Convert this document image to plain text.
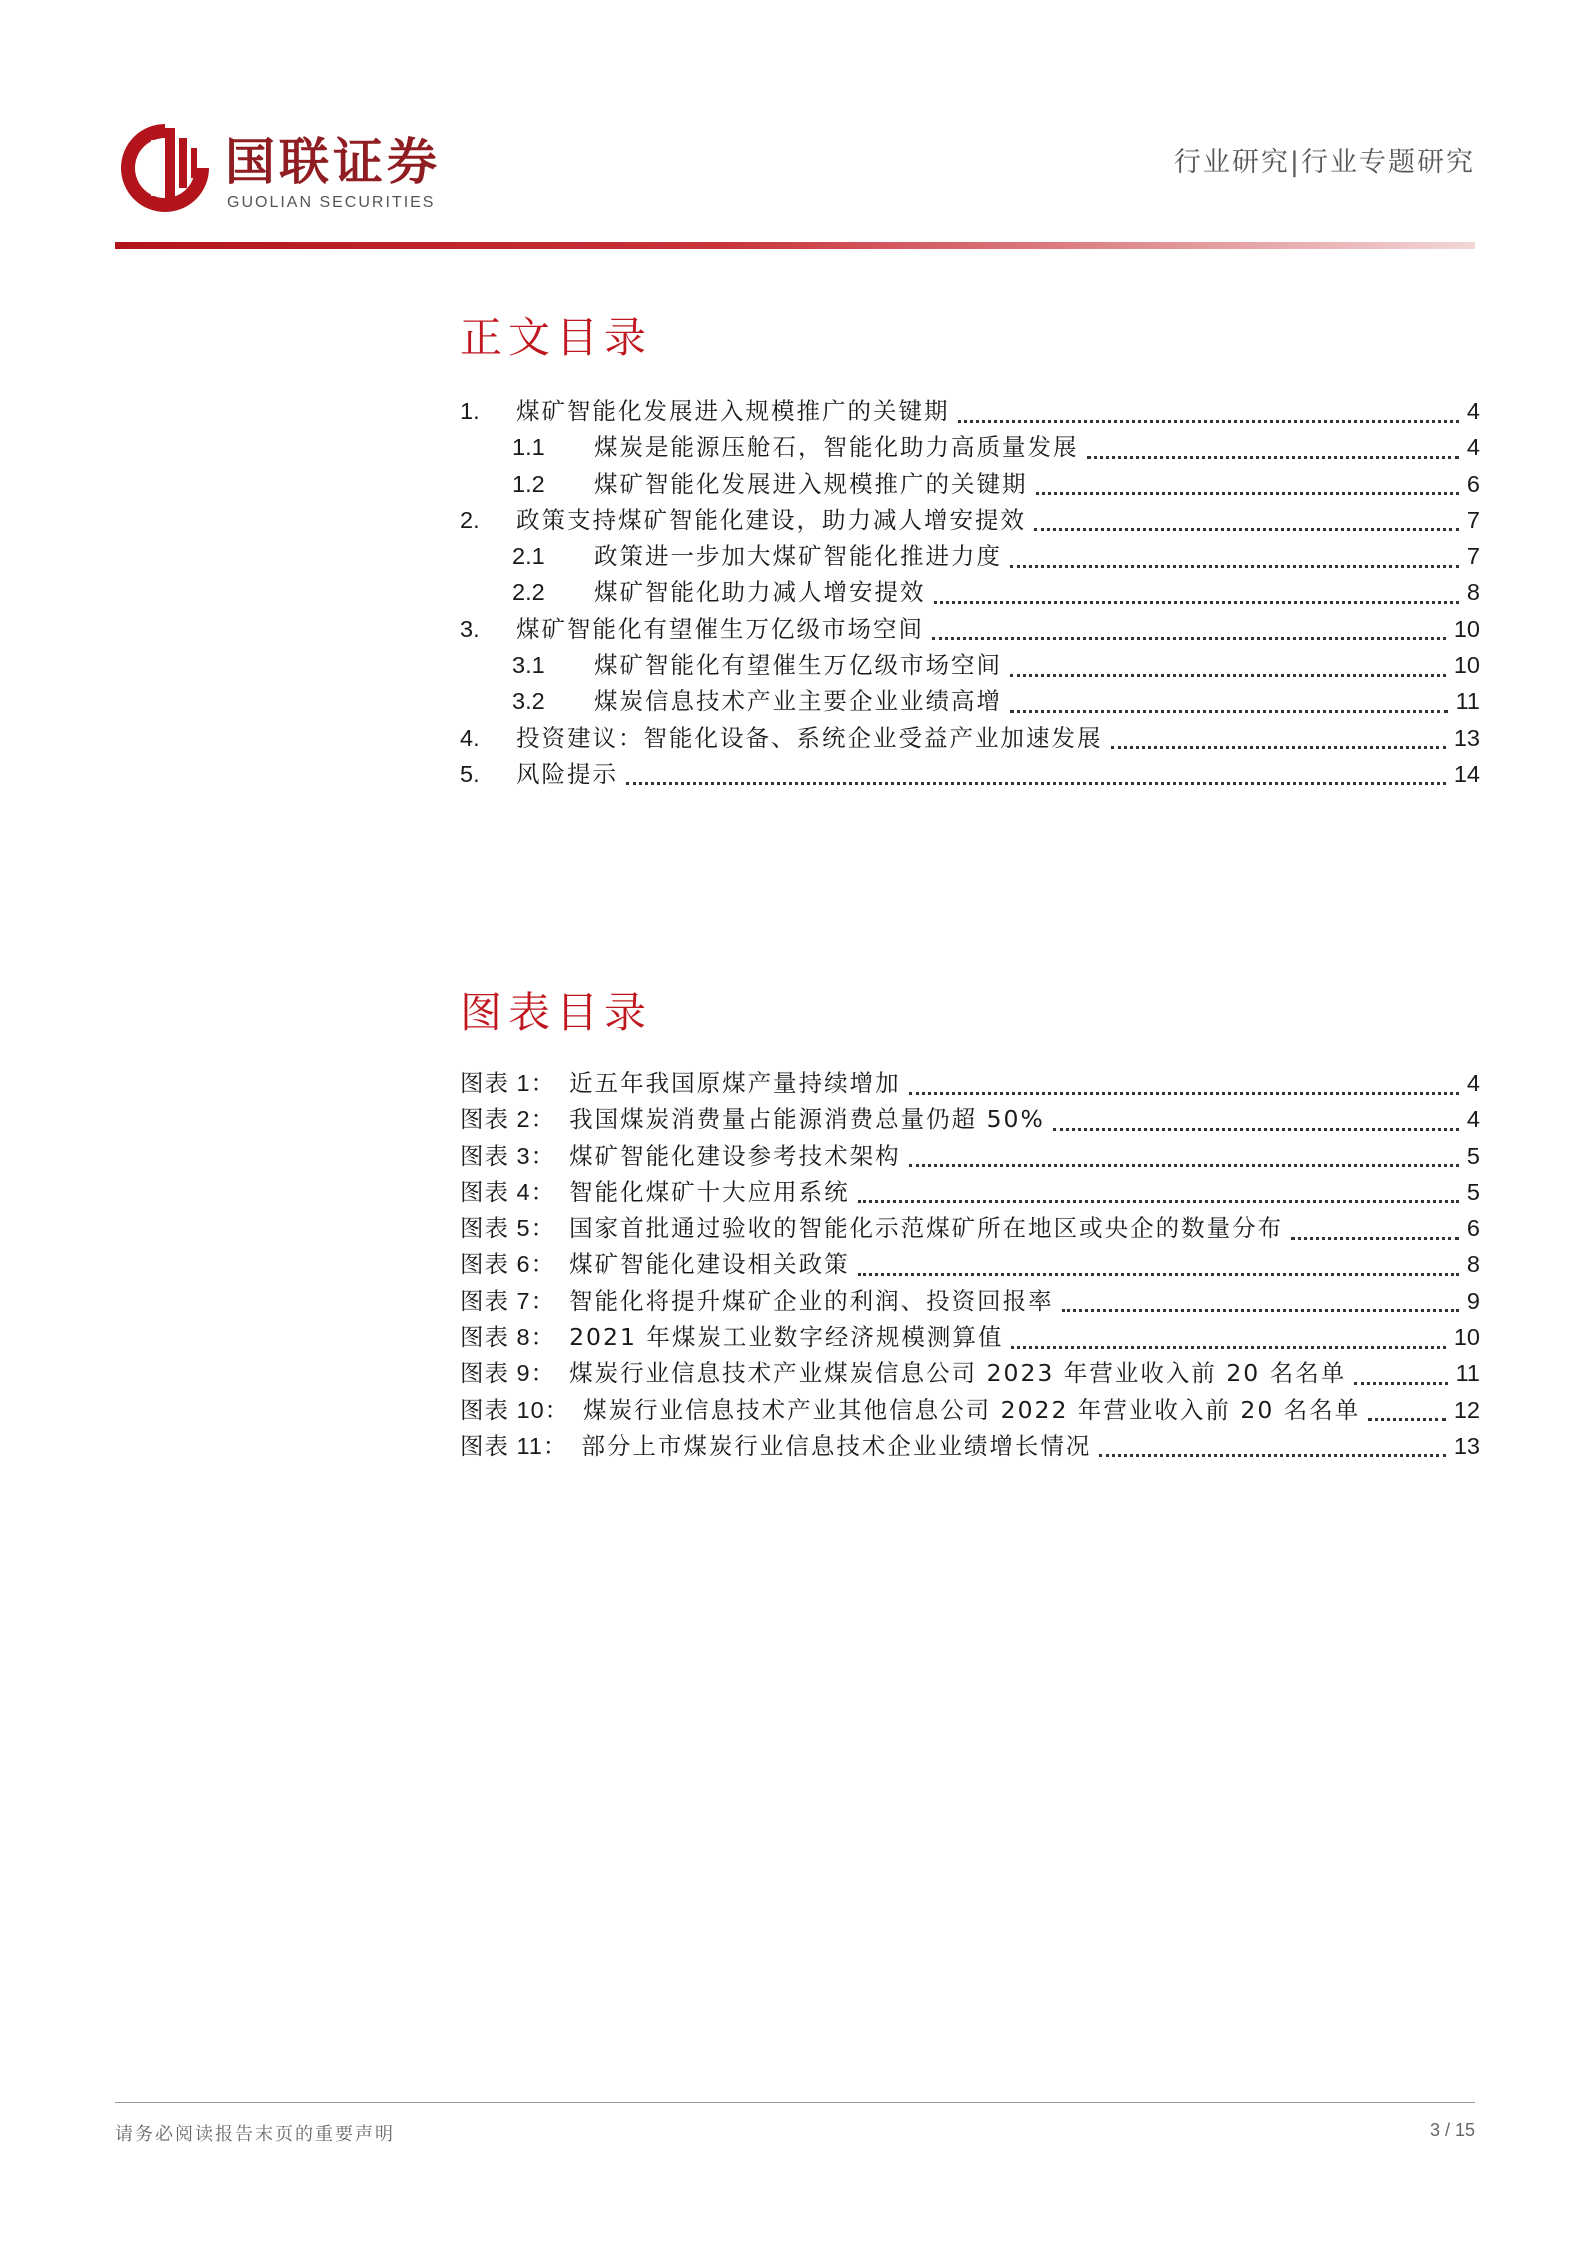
国联证券
GUOLIAN SECURITIES
行业研究|行业专题研究
正文目录
1.	煤矿智能化发展进入规模推广的关键期	4
1.1	煤炭是能源压舱石，智能化助力高质量发展	4
1.2	煤矿智能化发展进入规模推广的关键期	6
2.	政策支持煤矿智能化建设，助力减人增安提效	7
2.1	政策进一步加大煤矿智能化推进力度	7
2.2	煤矿智能化助力减人增安提效	8
3.	煤矿智能化有望催生万亿级市场空间	10
3.1	煤矿智能化有望催生万亿级市场空间	10
3.2	煤炭信息技术产业主要企业业绩高增	11
4.	投资建议：智能化设备、系统企业受益产业加速发展	13
5.	风险提示	14
图表目录
图表 1： 近五年我国原煤产量持续增加	4
图表 2： 我国煤炭消费量占能源消费总量仍超 50%	4
图表 3： 煤矿智能化建设参考技术架构	5
图表 4： 智能化煤矿十大应用系统	5
图表 5： 国家首批通过验收的智能化示范煤矿所在地区或央企的数量分布	6
图表 6： 煤矿智能化建设相关政策	8
图表 7： 智能化将提升煤矿企业的利润、投资回报率	9
图表 8： 2021 年煤炭工业数字经济规模测算值	10
图表 9： 煤炭行业信息技术产业煤炭信息公司 2023 年营业收入前 20 名名单	11
图表 10： 煤炭行业信息技术产业其他信息公司 2022 年营业收入前 20 名名单	12
图表 11： 部分上市煤炭行业信息技术企业业绩增长情况	13
请务必阅读报告末页的重要声明	3 / 15
